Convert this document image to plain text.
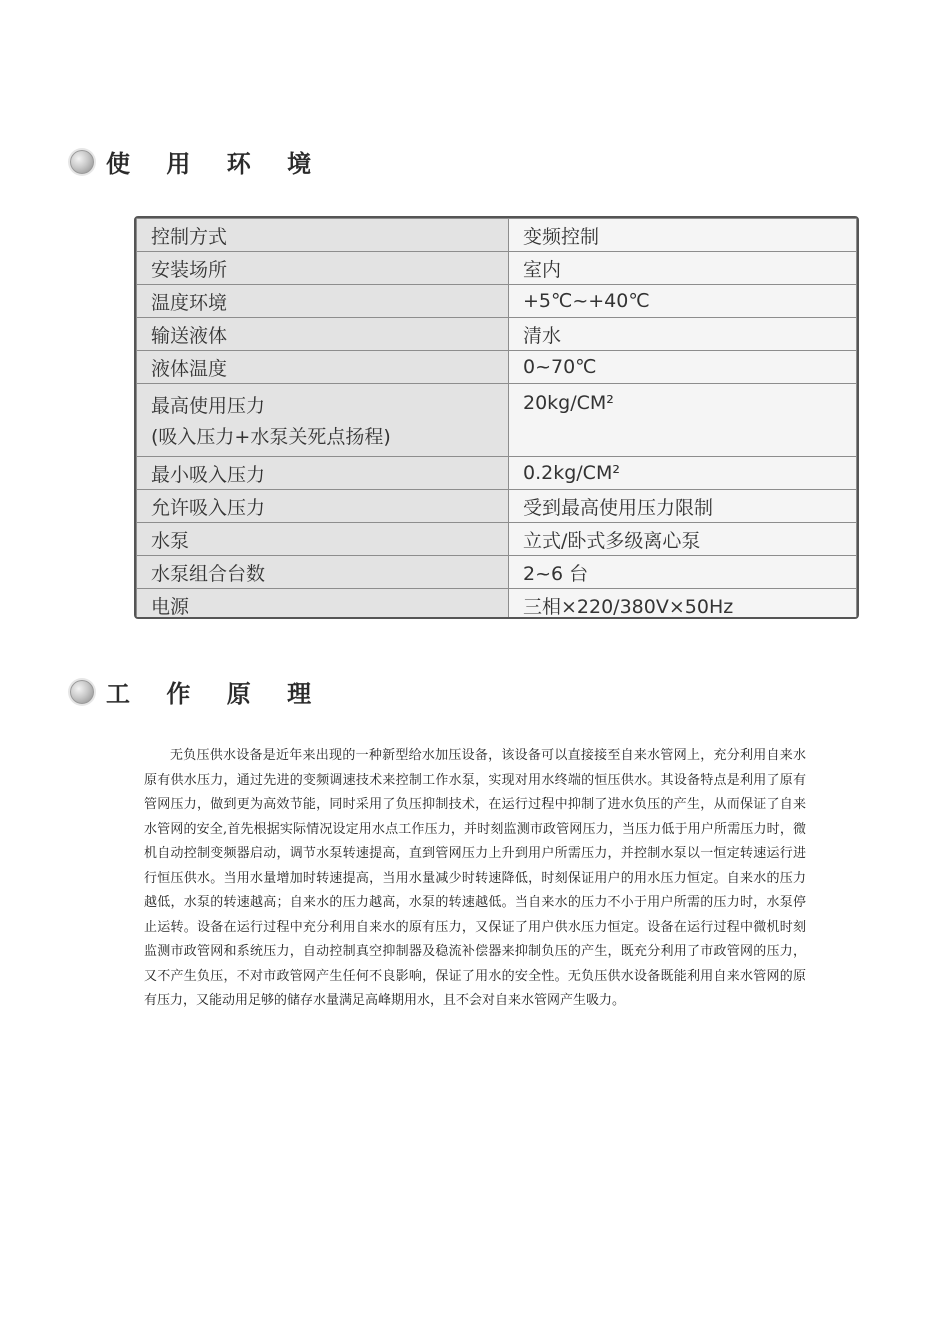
使 用 环 境
控制方式	变频控制
安装场所	室内
温度环境	+5℃~+40℃
输送液体	清水
液体温度	0~70℃
最高使用压力
(吸入压力+水泵关死点扬程)	20kg/CM²
最小吸入压力	0.2kg/CM²
允许吸入压力	受到最高使用压力限制
水泵	立式/卧式多级离心泵
水泵组合台数	2~6 台
电源	三相×220/380V×50Hz
工 作 原 理

无负压供水设备是近年来出现的一种新型给水加压设备，该设备可以直接接至自来水管网上，充分利用自来水原有供水压力，通过先进的变频调速技术来控制工作水泵，实现对用水终端的恒压供水。其设备特点是利用了原有管网压力，做到更为高效节能，同时采用了负压抑制技术，在运行过程中抑制了进水负压的产生，从而保证了自来水管网的安全,首先根据实际情况设定用水点工作压力，并时刻监测市政管网压力，当压力低于用户所需压力时，微机自动控制变频器启动，调节水泵转速提高，直到管网压力上升到用户所需压力，并控制水泵以一恒定转速运行进行恒压供水。当用水量增加时转速提高，当用水量减少时转速降低，时刻保证用户的用水压力恒定。自来水的压力越低，水泵的转速越高；自来水的压力越高，水泵的转速越低。当自来水的压力不小于用户所需的压力时，水泵停止运转。设备在运行过程中充分利用自来水的原有压力，又保证了用户供水压力恒定。设备在运行过程中微机时刻监测市政管网和系统压力，自动控制真空抑制器及稳流补偿器来抑制负压的产生，既充分利用了市政管网的压力，又不产生负压，不对市政管网产生任何不良影响，保证了用水的安全性。无负压供水设备既能利用自来水管网的原有压力，又能动用足够的储存水量满足高峰期用水，且不会对自来水管网产生吸力。
